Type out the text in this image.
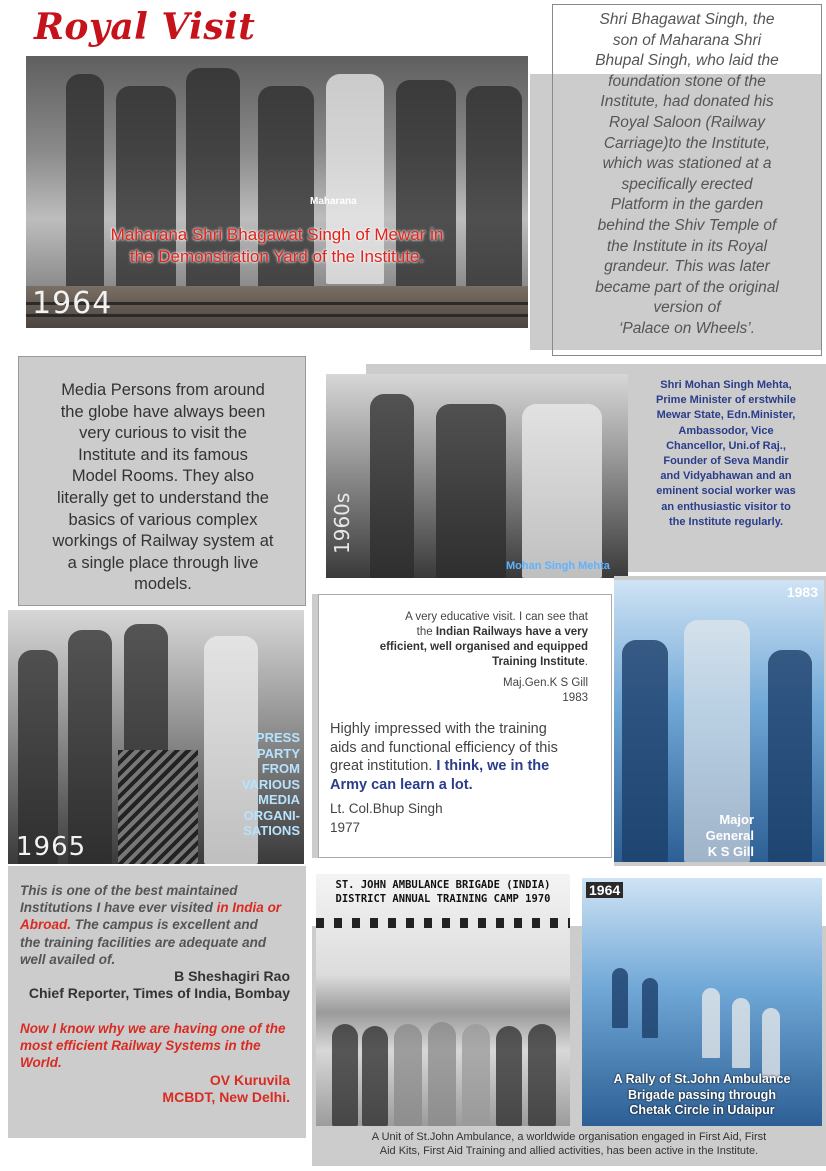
Royal Visit
Maharana
Maharana Shri Bhagawat Singh of Mewar in
the Demonstration Yard of the Institute.
1964
Shri Bhagawat Singh, the
son of Maharana Shri
Bhupal Singh, who laid the
foundation stone of the
Institute, had donated his
Royal Saloon (Railway
Carriage)to the Institute,
which was stationed at a
specifically erected
Platform in the garden
behind the Shiv Temple of
the Institute in its Royal
grandeur. This was later
became part of the original
version of
‘Palace on Wheels’.
Media Persons from around
the globe have always been
very curious to visit the
Institute and its famous
Model Rooms. They also
literally get to understand the
basics of various complex
workings of Railway system at
a single place through live
models.
1960s
Mohan Singh Mehta
Shri Mohan Singh Mehta,
Prime Minister of erstwhile
Mewar State, Edn.Minister,
Ambassodor, Vice
Chancellor, Uni.of Raj.,
Founder of Seva Mandir
and Vidyabhawan and an
eminent social worker was
an enthusiastic visitor to
the Institute regularly.
1965
PRESS
PARTY
FROM
VARIOUS
MEDIA
ORGANI-
SATIONS
A very educative visit. I can see that
the Indian Railways have a very
efficient, well organised and equipped
Training Institute.
Maj.Gen.K S Gill
1983
Highly impressed with the training
aids and functional efficiency of this
great institution. I think, we in the
Army can learn a lot.
Lt. Col.Bhup Singh
1977
1983
Major
General
K S Gill
This is one of the best maintained
Institutions I have ever visited in India or
Abroad. The campus is excellent and
the training facilities are adequate and
well availed of.
B Sheshagiri Rao
Chief Reporter, Times of India, Bombay
Now I know why we are having one of the
most efficient Railway Systems in the
World.
OV Kuruvila
MCBDT, New Delhi.
ST. JOHN AMBULANCE BRIGADE (INDIA)
DISTRICT ANNUAL TRAINING CAMP 1970
1964
A Rally of St.John Ambulance
Brigade passing through
Chetak Circle in Udaipur
A Unit of St.John Ambulance, a worldwide organisation engaged in First Aid, First
Aid Kits, First Aid Training and allied activities, has been active in the Institute.
